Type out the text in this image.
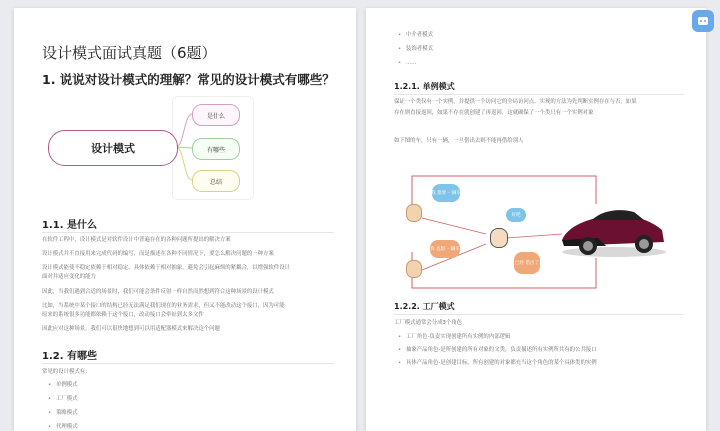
设计模式面试真题（6题）
1. 说说对设计模式的理解？常见的设计模式有哪些？
设计模式
是什么
有哪些
总结
1.1. 是什么
在软件工程中，设计模式是对软件设计中普遍存在的各种问题所提出的解决方案
设计模式并不直接用来完成代码的编写，而是描述在各种不同情况下，要怎么解决问题的一种方案
设计模式能使不稳定依赖于相对稳定、具体依赖于相对抽象，避免会引起麻烦的紧耦合，以增强软件设计
面对并适应变化的能力
因此，当我们遇到合适的场景时，我们可能会条件反射一样自然而然想到符合这种场景的设计模式
比如，当系统中某个接口的结构已经无法满足我们现在的业务需求，但又不能改动这个接口，因为可能
原来的系统很多功能都依赖于这个接口，改动接口会牵扯到太多文件
因此应对这种场景，我们可以很快地想到可以用适配器模式来解决这个问题
1.2. 有哪些
常见的设计模式有：
• 单例模式
• 工厂模式
• 策略模式
• 代理模式
• 中介者模式
• 装饰者模式
• ......
1.2.1. 单例模式
保证一个类仅有一个实例，并提供一个访问它的全局访问点。实现的方法为先判断实例存在与否，如果
存在则直接返回，如果不存在就创建了再返回，这就确保了一个类只有一个实例对象
如下图的车，只有一辆，一旦借出去则不能再借给别人
我 想要 一辆车
好吧
我 也想 一辆车
已经 借出了
1.2.2. 工厂模式
工厂模式通常会分成3个角色
• 工厂角色-负责实现创建所有实例的内部逻辑
• 抽象产品角色-是所创建的所有对象的父类，负责描述所有实例所共有的公共接口
• 具体产品角色-是创建目标，所有创建的对象都充当这个角色的某个具体类的实例
